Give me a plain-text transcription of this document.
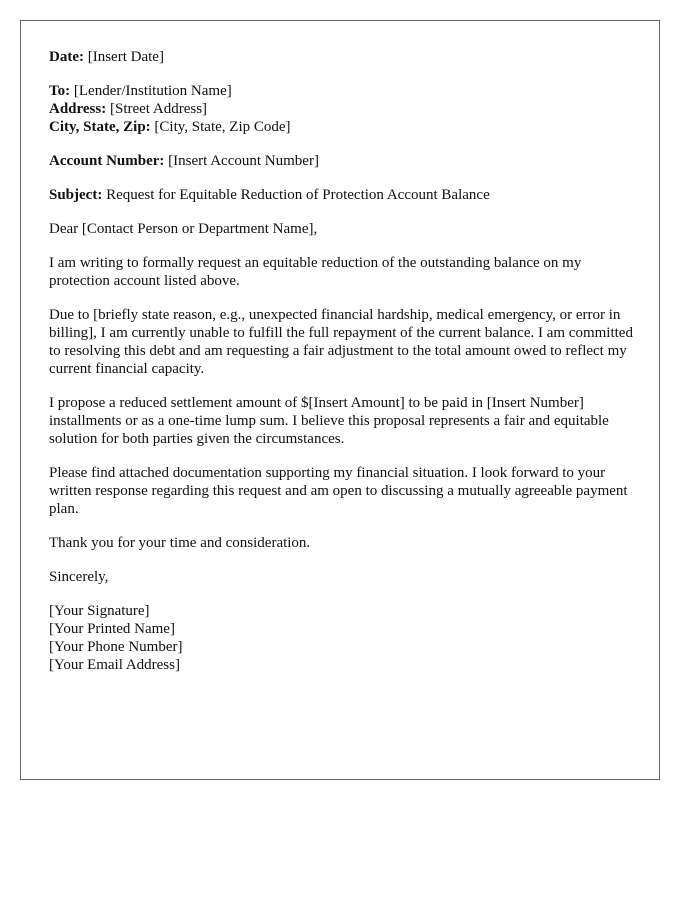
Date: [Insert Date]
To: [Lender/Institution Name]
Address: [Street Address]
City, State, Zip: [City, State, Zip Code]
Account Number: [Insert Account Number]
Subject: Request for Equitable Reduction of Protection Account Balance

Dear [Contact Person or Department Name],

I am writing to formally request an equitable reduction of the outstanding balance on my protection account listed above.

Due to [briefly state reason, e.g., unexpected financial hardship, medical emergency, or error in billing], I am currently unable to fulfill the full repayment of the current balance. I am committed to resolving this debt and am requesting a fair adjustment to the total amount owed to reflect my current financial capacity.

I propose a reduced settlement amount of $[Insert Amount] to be paid in [Insert Number] installments or as a one-time lump sum. I believe this proposal represents a fair and equitable solution for both parties given the circumstances.

Please find attached documentation supporting my financial situation. I look forward to your written response regarding this request and am open to discussing a mutually agreeable payment plan.

Thank you for your time and consideration.

Sincerely,

[Your Signature]
[Your Printed Name]
[Your Phone Number]
[Your Email Address]
